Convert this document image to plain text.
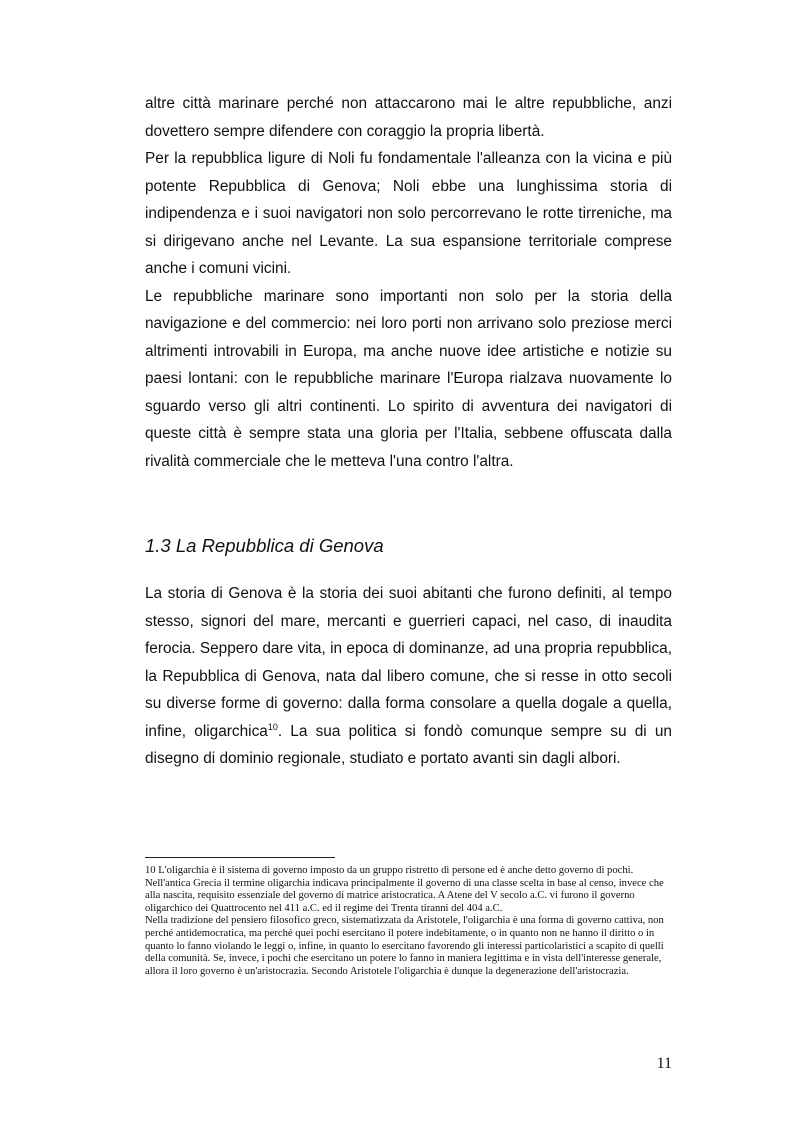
altre città marinare perché non attaccarono mai le altre repubbliche, anzi dovettero sempre difendere con coraggio la propria libertà.

Per la repubblica ligure di Noli fu fondamentale l'alleanza con la vicina e più potente Repubblica di Genova; Noli ebbe una lunghissima storia di indipendenza e i suoi navigatori non solo percorrevano le rotte tirreniche, ma si dirigevano anche nel Levante. La sua espansione territoriale comprese anche i comuni vicini.

Le repubbliche marinare sono importanti non solo per la storia della navigazione e del commercio: nei loro porti non arrivano solo preziose merci altrimenti introvabili in Europa, ma anche nuove idee artistiche e notizie su paesi lontani: con le repubbliche marinare l'Europa rialzava nuovamente lo sguardo verso gli altri continenti. Lo spirito di avventura dei navigatori di queste città è sempre stata una gloria per l'Italia, sebbene offuscata dalla rivalità commerciale che le metteva l'una contro l'altra.

1.3 La Repubblica di Genova

La storia di Genova è la storia dei suoi abitanti che furono definiti, al tempo stesso, signori del mare, mercanti e guerrieri capaci, nel caso, di inaudita ferocia. Seppero dare vita, in epoca di dominanze, ad una propria repubblica, la Repubblica di Genova, nata dal libero comune, che si resse in otto secoli su diverse forme di governo: dalla forma consolare a quella dogale a quella, infine, oligarchica$^{10}$. La sua politica si fondò comunque sempre su di un disegno di dominio regionale, studiato e portato avanti sin dagli albori.

10 L'oligarchia è il sistema di governo imposto da un gruppo ristretto di persone ed è anche detto governo di pochi.

Nell'antica Grecia il termine oligarchia indicava principalmente il governo di una classe scelta in base al censo, invece che alla nascita, requisito essenziale del governo di matrice aristocratica. A Atene del V secolo a.C. vi furono il governo oligarchico dei Quattrocento nel 411 a.C. ed il regime dei Trenta tiranni del 404 a.C.

Nella tradizione del pensiero filosofico greco, sistematizzata da Aristotele, l'oligarchia è una forma di governo cattiva, non perché antidemocratica, ma perché quei pochi esercitano il potere indebitamente, o in quanto non ne hanno il diritto o in quanto lo fanno violando le leggi o, infine, in quanto lo esercitano favorendo gli interessi particolaristici a scapito di quelli della comunità. Se, invece, i pochi che esercitano un potere lo fanno in maniera legittima e in vista dell'interesse generale, allora il loro governo è un'aristocrazia. Secondo Aristotele l'oligarchia è dunque la degenerazione dell'aristocrazia.

11
